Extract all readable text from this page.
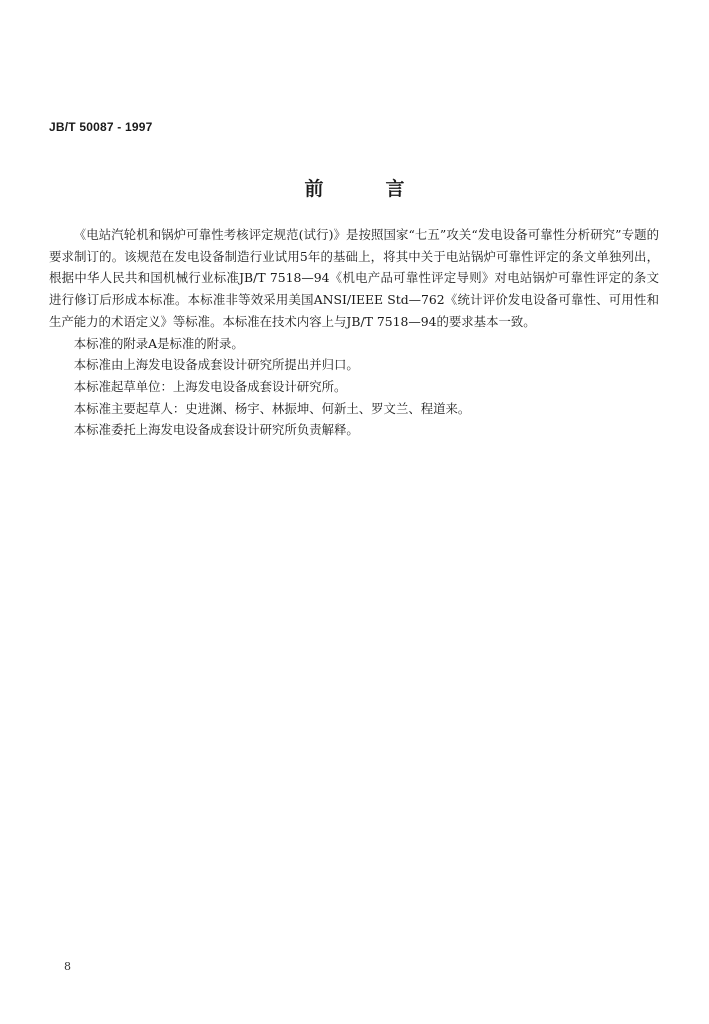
JB/T 50087 - 1997
前言

《电站汽轮机和锅炉可靠性考核评定规范(试行)》是按照国家“七五”攻关“发电设备可靠性分析研究”专题的要求制订的。该规范在发电设备制造行业试用5年的基础上，将其中关于电站锅炉可靠性评定的条文单独列出，根据中华人民共和国机械行业标准JB/T 7518—94《机电产品可靠性评定导则》对电站锅炉可靠性评定的条文进行修订后形成本标准。本标准非等效采用美国ANSI/IEEE Std—762《统计评价发电设备可靠性、可用性和生产能力的术语定义》等标准。本标准在技术内容上与JB/T 7518—94的要求基本一致。

本标准的附录A是标准的附录。

本标准由上海发电设备成套设计研究所提出并归口。

本标准起草单位：上海发电设备成套设计研究所。

本标准主要起草人：史进渊、杨宇、林振坤、何新土、罗文兰、程道来。

本标准委托上海发电设备成套设计研究所负责解释。

8
